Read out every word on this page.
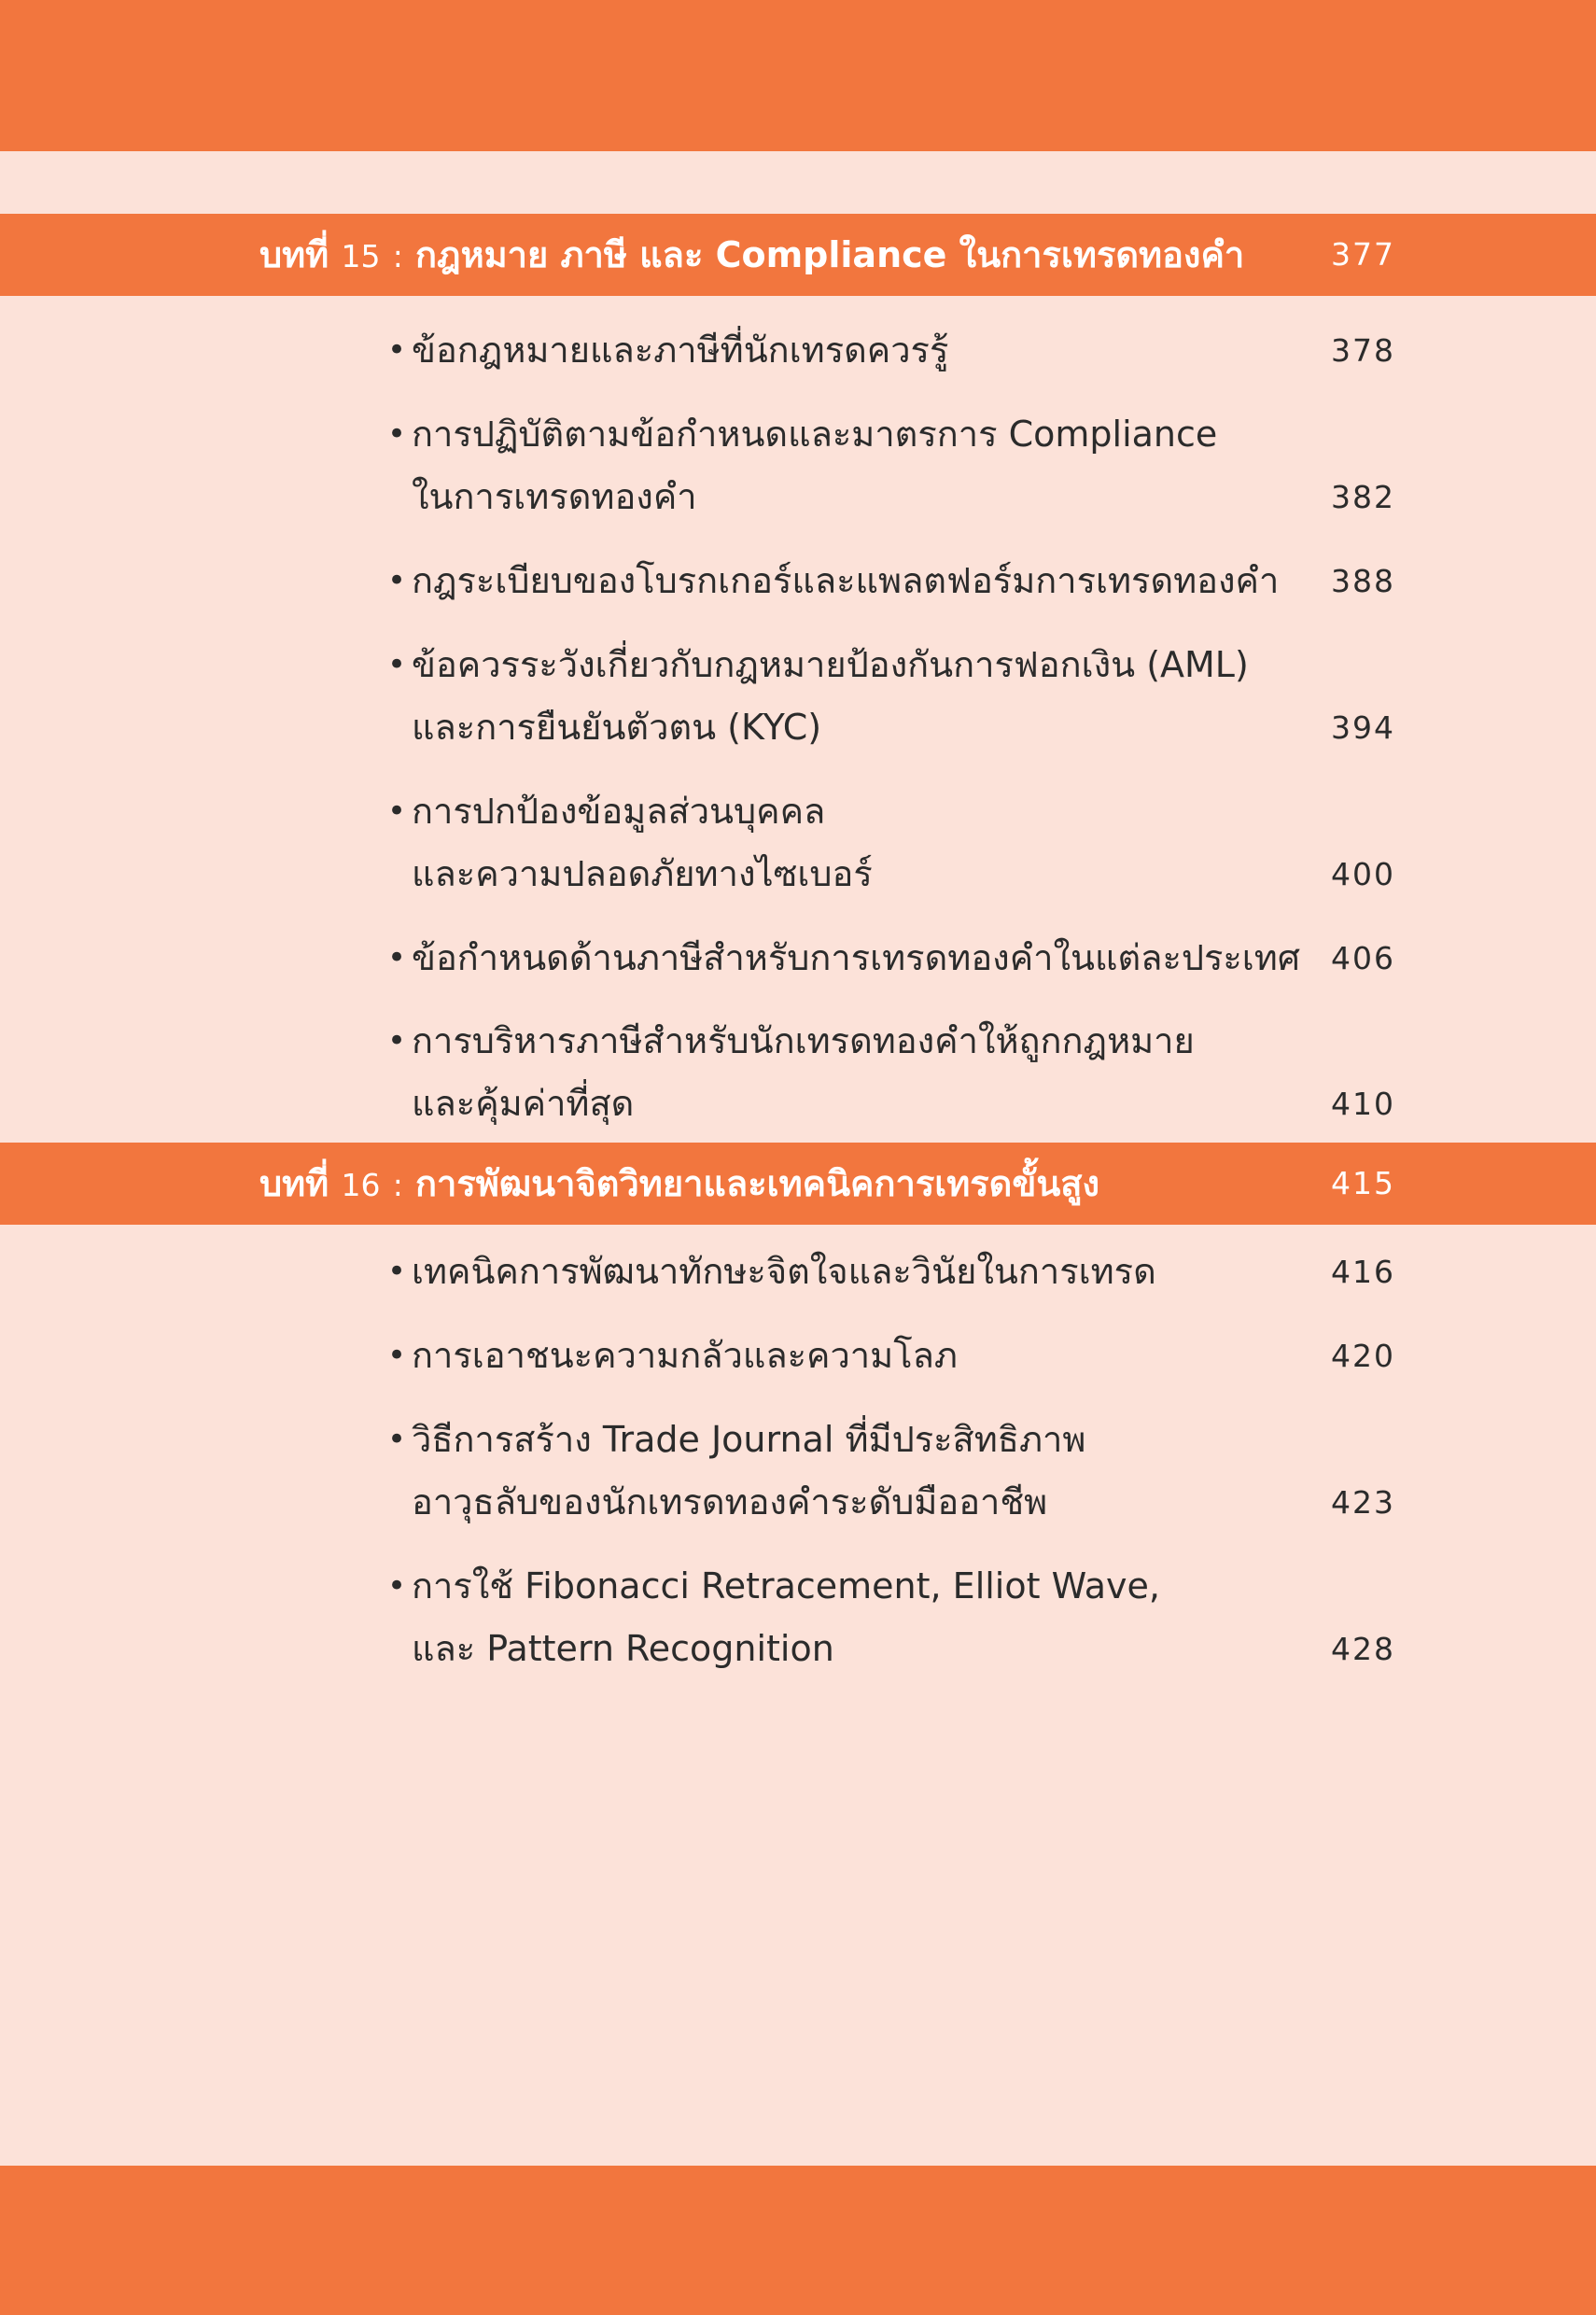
บทที่ 15 : กฎหมาย ภาษี และ Compliance ในการเทรดทองคำ	377
• ข้อกฎหมายและภาษีที่นักเทรดควรรู้	378
• การปฏิบัติตามข้อกำหนดและมาตรการ Compliance
ในการเทรดทองคำ	382
• กฎระเบียบของโบรกเกอร์และแพลตฟอร์มการเทรดทองคำ	388
• ข้อควรระวังเกี่ยวกับกฎหมายป้องกันการฟอกเงิน (AML)
และการยืนยันตัวตน (KYC)	394
• การปกป้องข้อมูลส่วนบุคคล
และความปลอดภัยทางไซเบอร์	400
• ข้อกำหนดด้านภาษีสำหรับการเทรดทองคำในแต่ละประเทศ 406
• การบริหารภาษีสำหรับนักเทรดทองคำให้ถูกกฎหมาย
และคุ้มค่าที่สุด	410
บทที่ 16 : การพัฒนาจิตวิทยาและเทคนิคการเทรดขั้นสูง	415
• เทคนิคการพัฒนาทักษะจิตใจและวินัยในการเทรด	416
• การเอาชนะความกลัวและความโลภ	420
• วิธีการสร้าง Trade Journal ที่มีประสิทธิภาพ
อาวุธลับของนักเทรดทองคำระดับมืออาชีพ	423
• การใช้ Fibonacci Retracement, Elliot Wave,
และ Pattern Recognition	428
